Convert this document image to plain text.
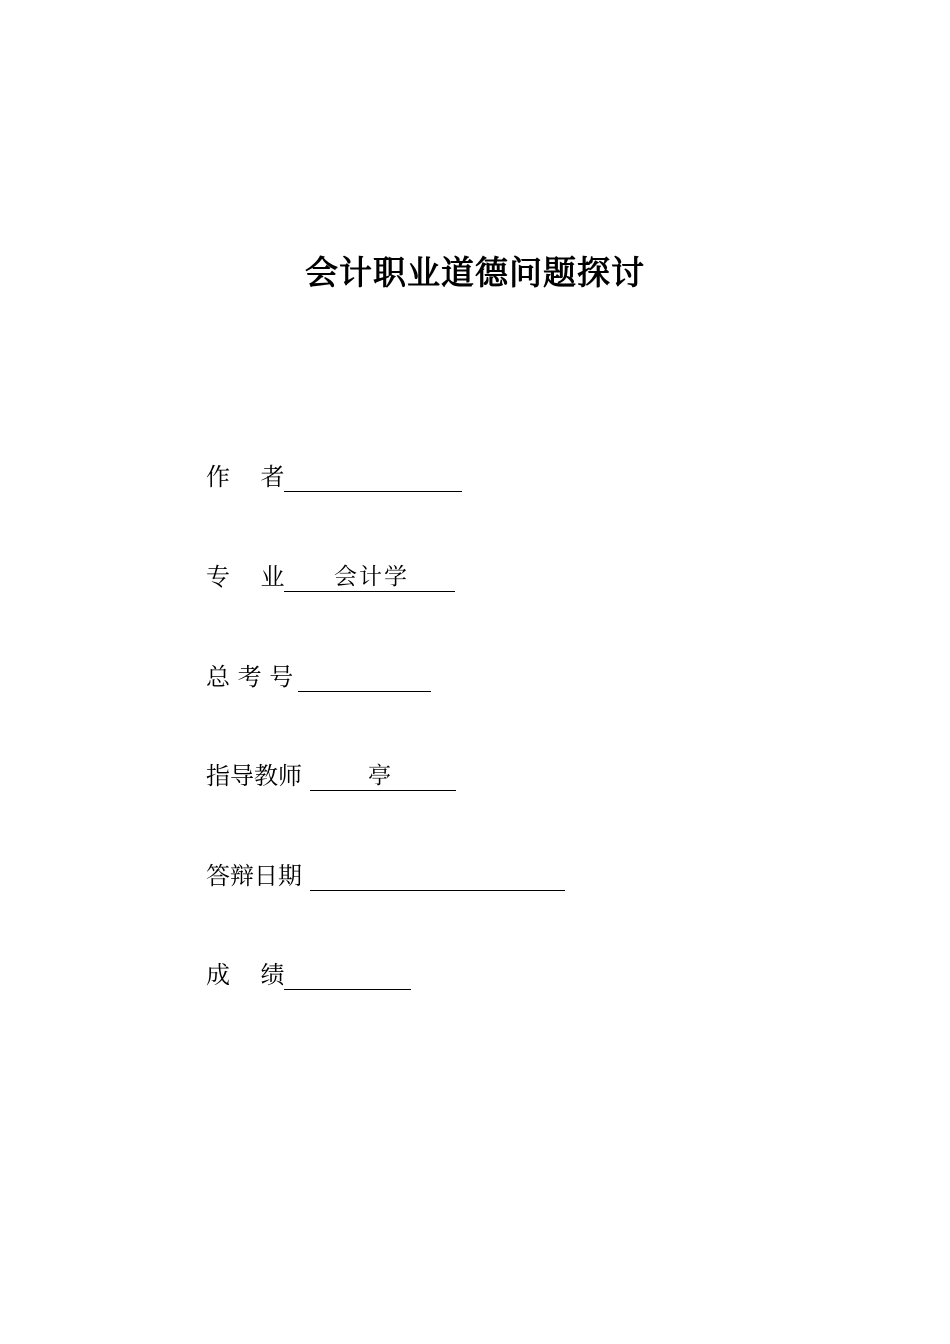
会计职业道德问题探讨
作    者
专    业 会计学
总 考 号
指导教师	亭
答辩日期
成    绩
